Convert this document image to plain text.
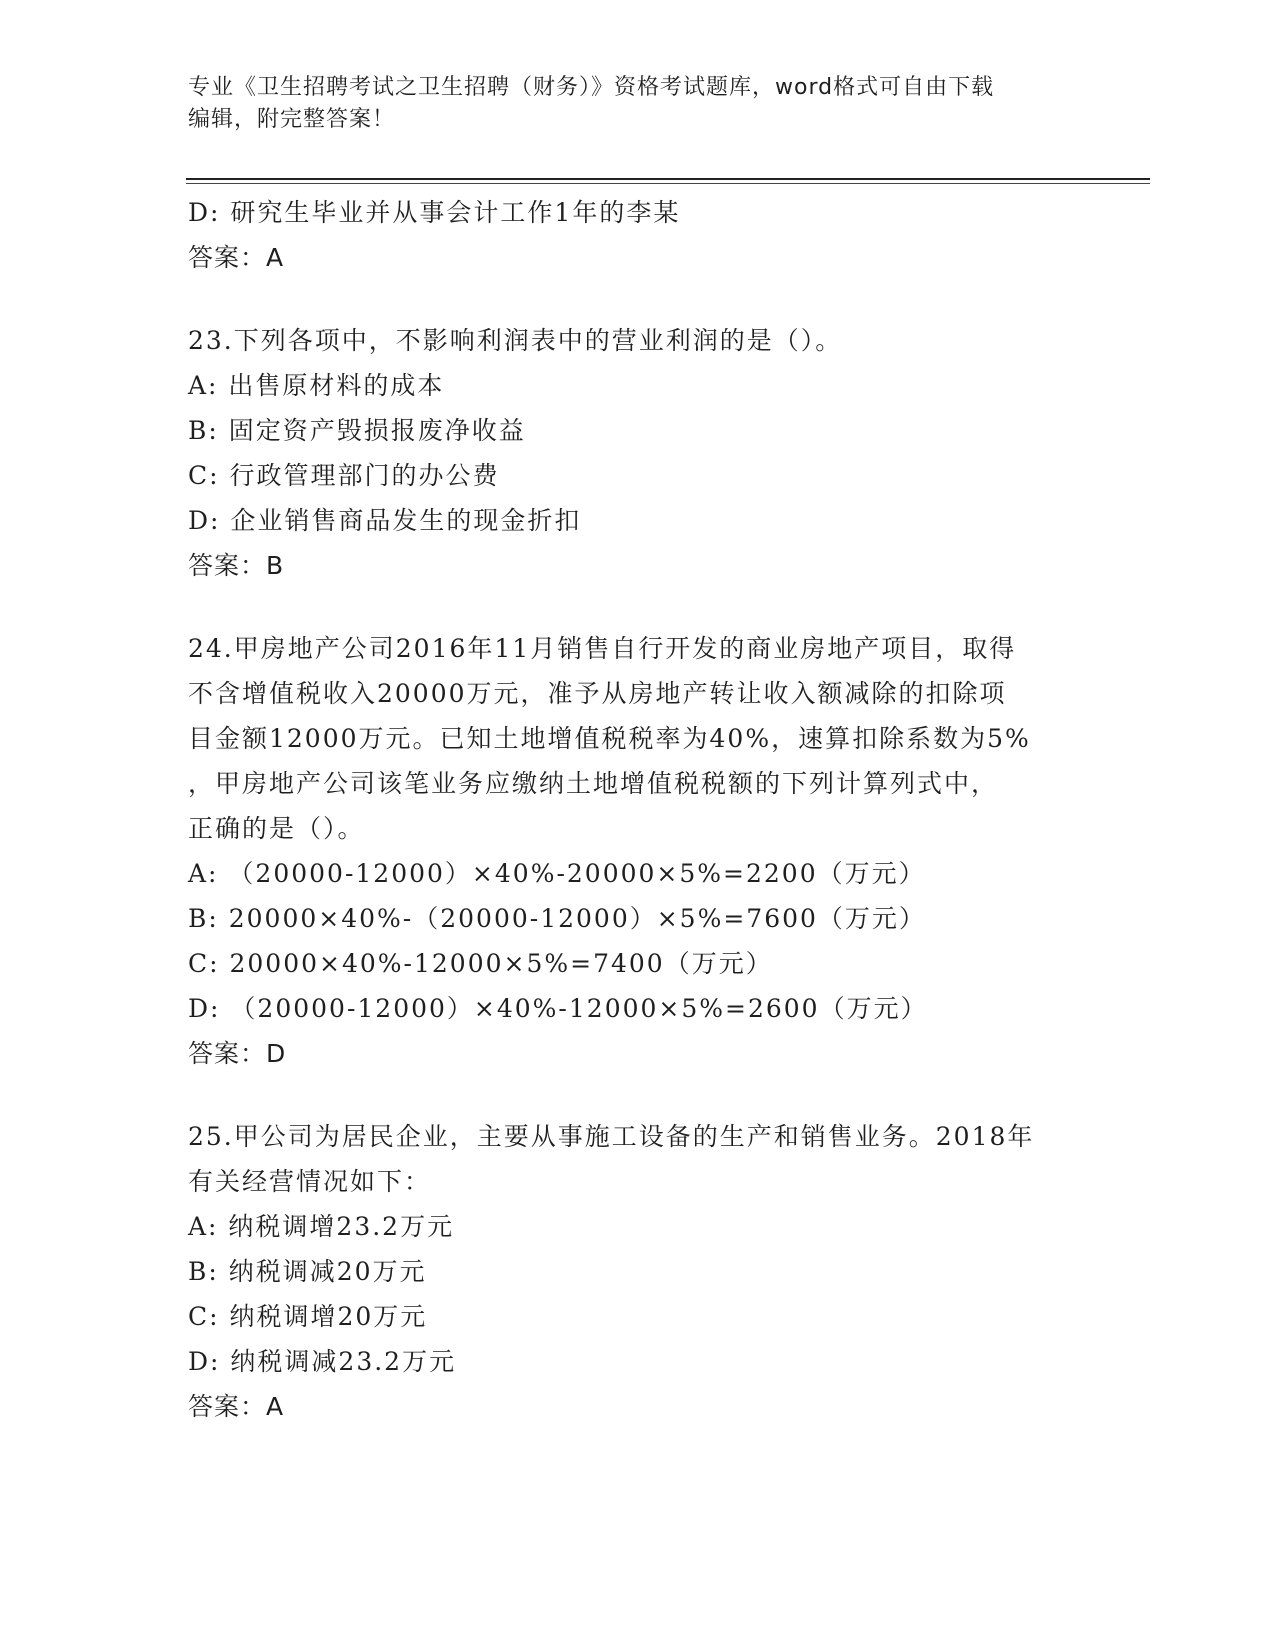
专业《卫生招聘考试之卫生招聘（财务）》资格考试题库，word格式可自由下载
编辑，附完整答案！
D: 研究生毕业并从事会计工作1年的李某
答案：A
23.下列各项中，不影响利润表中的营业利润的是（）。
A: 出售原材料的成本
B: 固定资产毁损报废净收益
C: 行政管理部门的办公费
D: 企业销售商品发生的现金折扣
答案：B
24.甲房地产公司2016年11月销售自行开发的商业房地产项目，取得
不含增值税收入20000万元，准予从房地产转让收入额减除的扣除项
目金额12000万元。已知土地增值税税率为40%，速算扣除系数为5%
，甲房地产公司该笔业务应缴纳土地增值税税额的下列计算列式中，
正确的是（）。
A: （20000-12000）×40%-20000×5%=2200（万元）
B: 20000×40%-（20000-12000）×5%=7600（万元）
C: 20000×40%-12000×5%=7400（万元）
D: （20000-12000）×40%-12000×5%=2600（万元）
答案：D
25.甲公司为居民企业，主要从事施工设备的生产和销售业务。2018年
有关经营情况如下：
A: 纳税调增23.2万元
B: 纳税调减20万元
C: 纳税调增20万元
D: 纳税调减23.2万元
答案：A
